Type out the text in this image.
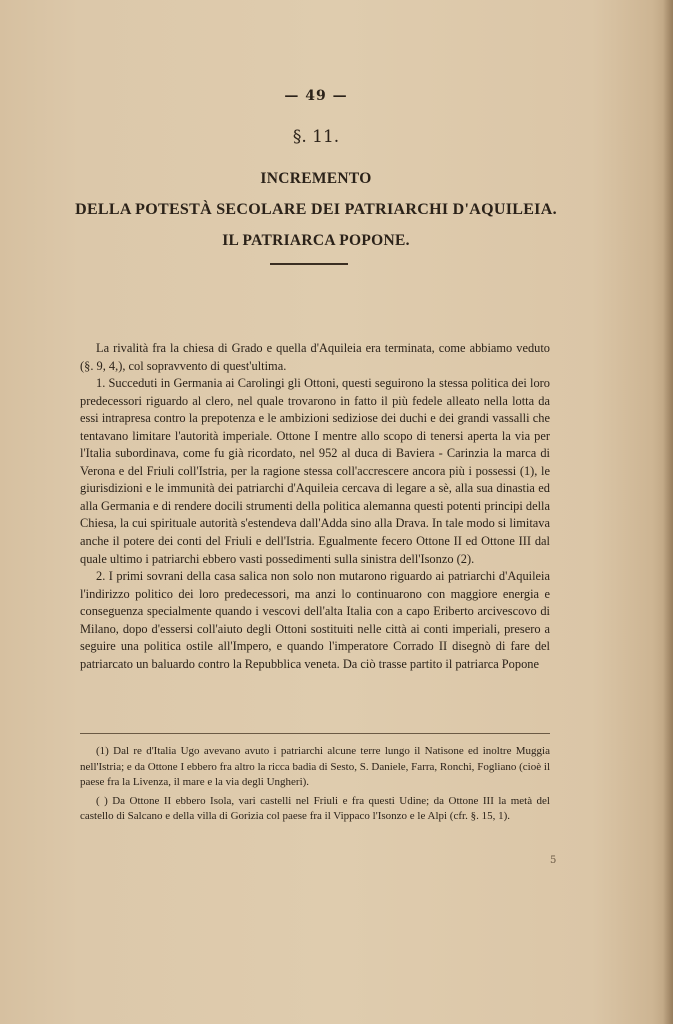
— 49 —
§. 11.
INCREMENTO
DELLA POTESTÀ SECOLARE DEI PATRIARCHI D'AQUILEIA.
IL PATRIARCA POPONE.

La rivalità fra la chiesa di Grado e quella d'Aquileia era terminata, come abbiamo veduto (§. 9, 4,), col sopravvento di quest'ultima.

1. Succeduti in Germania ai Carolingi gli Ottoni, questi seguirono la stessa politica dei loro predecessori riguardo al clero, nel quale trovarono in fatto il più fedele alleato nella lotta da essi intrapresa contro la prepotenza e le ambizioni sediziose dei duchi e dei grandi vassalli che tentavano limitare l'autorità imperiale. Ottone I mentre allo scopo di tenersi aperta la via per l'Italia subordinava, come fu già ricordato, nel 952 al duca di Baviera - Carinzia la marca di Verona e del Friuli coll'Istria, per la ragione stessa coll'accrescere ancora più i possessi (1), le giurisdizioni e le immunità dei patriarchi d'Aquileia cercava di legare a sè, alla sua dinastia ed alla Germania e di rendere docili strumenti della politica alemanna questi potenti principi della Chiesa, la cui spirituale autorità s'estendeva dall'Adda sino alla Drava. In tale modo si limitava anche il potere dei conti del Friuli e dell'Istria. Egualmente fecero Ottone II ed Ottone III dal quale ultimo i patriarchi ebbero vasti possedimenti sulla sinistra dell'Isonzo (2).

2. I primi sovrani della casa salica non solo non mutarono riguardo ai patriarchi d'Aquileia l'indirizzo politico dei loro predecessori, ma anzi lo continuarono con maggiore energia e conseguenza specialmente quando i vescovi dell'alta Italia con a capo Eriberto arcivescovo di Milano, dopo d'essersi coll'aiuto degli Ottoni sostituiti nelle città ai conti imperiali, presero a seguire una politica ostile all'Impero, e quando l'imperatore Corrado II disegnò di fare del patriarcato un baluardo contro la Repubblica veneta. Da ciò trasse partito il patriarca Popone

(1) Dal re d'Italia Ugo avevano avuto i patriarchi alcune terre lungo il Natisone ed inoltre Muggia nell'Istria; e da Ottone I ebbero fra altro la ricca badia di Sesto, S. Daniele, Farra, Ronchi, Fogliano (cioè il paese fra la Livenza, il mare e la via degli Ungheri).

( ) Da Ottone II ebbero Isola, vari castelli nel Friuli e fra questi Udine; da Ottone III la metà del castello di Salcano e della villa di Gorizia col paese fra il Vippaco l'Isonzo e le Alpi (cfr. §. 15, 1).

5
